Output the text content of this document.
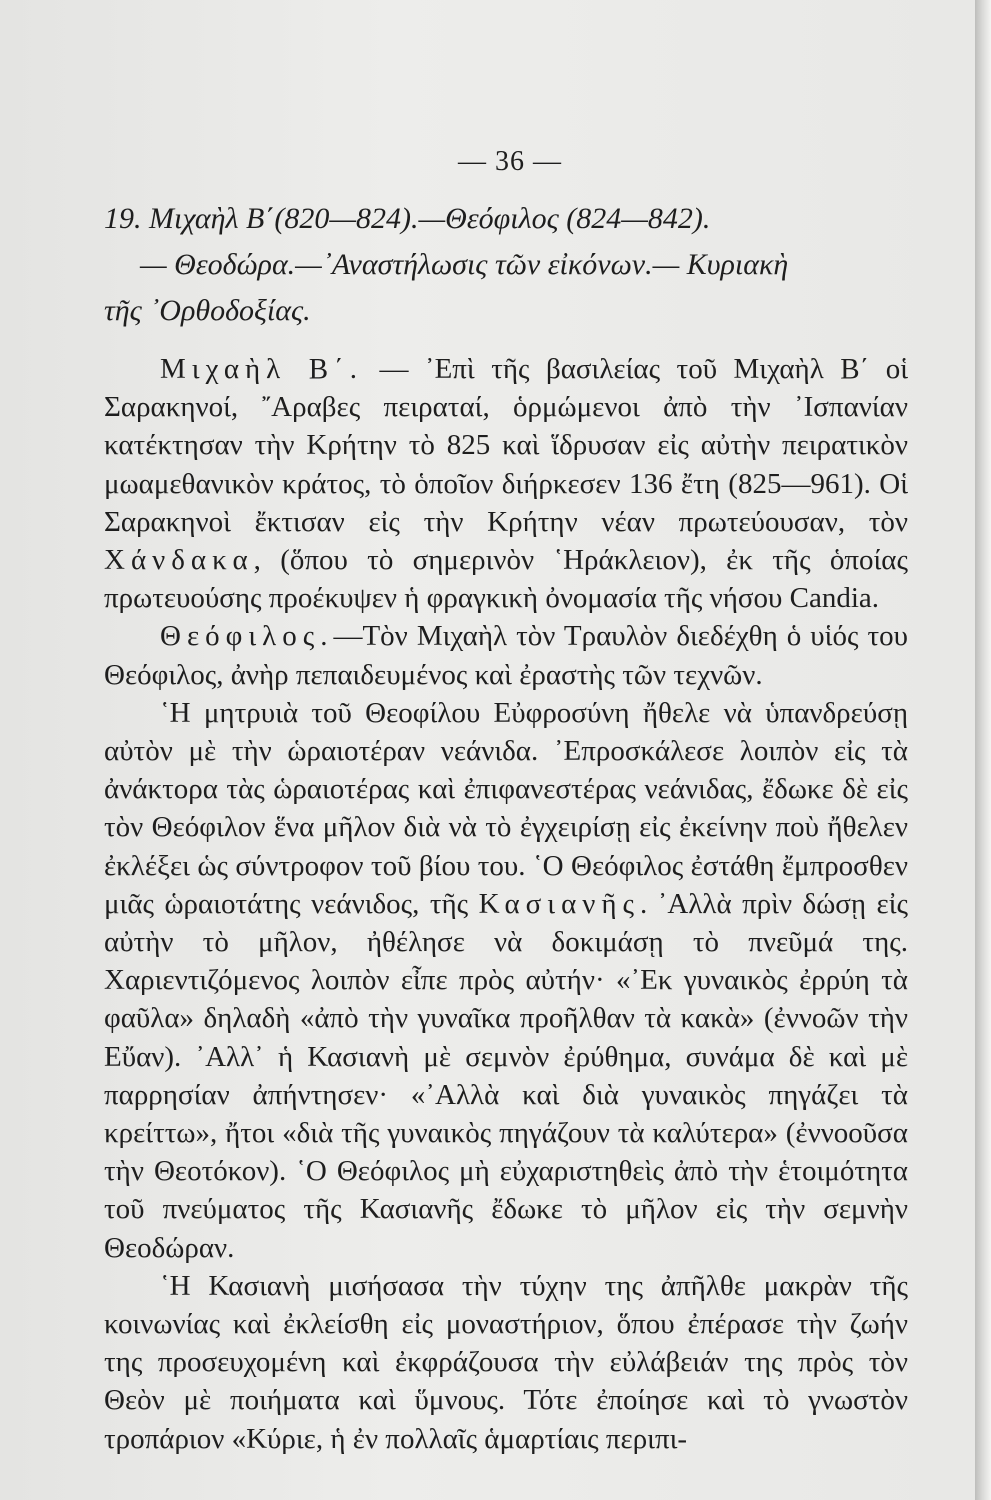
— 36 —
19. Μιχαὴλ Β΄(820—824).—Θεόφιλος (824—842).
— Θεοδώρα.—᾽Αναστήλωσις τῶν εἰκόνων.— Κυριακὴ
τῆς ᾽Ορθοδοξίας.

Μιχαὴλ Β΄. — ᾽Επὶ τῆς βασιλείας τοῦ Μιχαὴλ Β΄ οἱ Σαρακηνοί, ῎Αραβες πειραταί, ὁρμώμενοι ἀπὸ τὴν ᾽Ισπανίαν κατέκτησαν τὴν Κρήτην τὸ 825 καὶ ἵδρυσαν εἰς αὐτὴν πειρατικὸν μωαμεθανικὸν κράτος, τὸ ὁποῖον διήρκεσεν 136 ἔτη (825—961). Οἱ Σαρακηνοὶ ἔκτισαν εἰς τὴν Κρήτην νέαν πρωτεύουσαν, τὸν Χάνδακα, (ὅπου τὸ σημερινὸν ῾Ηράκλειον), ἐκ τῆς ὁποίας πρωτευούσης προέκυψεν ἡ φραγκικὴ ὀνομασία τῆς νήσου Candia.

Θεόφιλος.—Τὸν Μιχαὴλ τὸν Τραυλὸν διεδέχθη ὁ υἱός του Θεόφιλος, ἀνὴρ πεπαιδευμένος καὶ ἐραστὴς τῶν τεχνῶν.

῾Η μητρυιὰ τοῦ Θεοφίλου Εὐφροσύνη ἤθελε νὰ ὑπανδρεύσῃ αὐτὸν μὲ τὴν ὡραιοτέραν νεάνιδα. ᾽Επροσκάλεσε λοιπὸν εἰς τὰ ἀνάκτορα τὰς ὡραιοτέρας καὶ ἐπιφανεστέρας νεάνιδας, ἔδωκε δὲ εἰς τὸν Θεόφιλον ἕνα μῆλον διὰ νὰ τὸ ἐγχειρίσῃ εἰς ἐκείνην ποὺ ἤθελεν ἐκλέξει ὡς σύντροφον τοῦ βίου του. ῾Ο Θεόφιλος ἐστάθη ἔμπροσθεν μιᾶς ὡραιοτάτης νεάνιδος, τῆς Κασιανῆς. ᾽Αλλὰ πρὶν δώσῃ εἰς αὐτὴν τὸ μῆλον, ἠθέλησε νὰ δοκιμάσῃ τὸ πνεῦμά της. Χαριεντιζόμενος λοιπὸν εἶπε πρὸς αὐτήν· «᾽Εκ γυναικὸς ἐρρύη τὰ φαῦλα» δηλαδὴ «ἀπὸ τὴν γυναῖκα προῆλθαν τὰ κακὰ» (ἐννοῶν τὴν Εὔαν). ᾽Αλλ᾽ ἡ Κασιανὴ μὲ σεμνὸν ἐρύθημα, συνάμα δὲ καὶ μὲ παρρησίαν ἀπήντησεν· «᾽Αλλὰ καὶ διὰ γυναικὸς πηγάζει τὰ κρείττω», ἤτοι «διὰ τῆς γυναικὸς πηγάζουν τὰ καλύτερα» (ἐννοοῦσα τὴν Θεοτόκον). ῾Ο Θεόφιλος μὴ εὐχαριστηθεὶς ἀπὸ τὴν ἑτοιμότητα τοῦ πνεύματος τῆς Κασιανῆς ἔδωκε τὸ μῆλον εἰς τὴν σεμνὴν Θεοδώραν.

῾Η Κασιανὴ μισήσασα τὴν τύχην της ἀπῆλθε μακρὰν τῆς κοινωνίας καὶ ἐκλείσθη εἰς μοναστήριον, ὅπου ἐπέρασε τὴν ζωήν της προσευχομένη καὶ ἐκφράζουσα τὴν εὐλάβειάν της πρὸς τὸν Θεὸν μὲ ποιήματα καὶ ὕμνους. Τότε ἐποίησε καὶ τὸ γνωστὸν τροπάριον «Κύριε, ἡ ἐν πολλαῖς ἁμαρτίαις περιπι-
